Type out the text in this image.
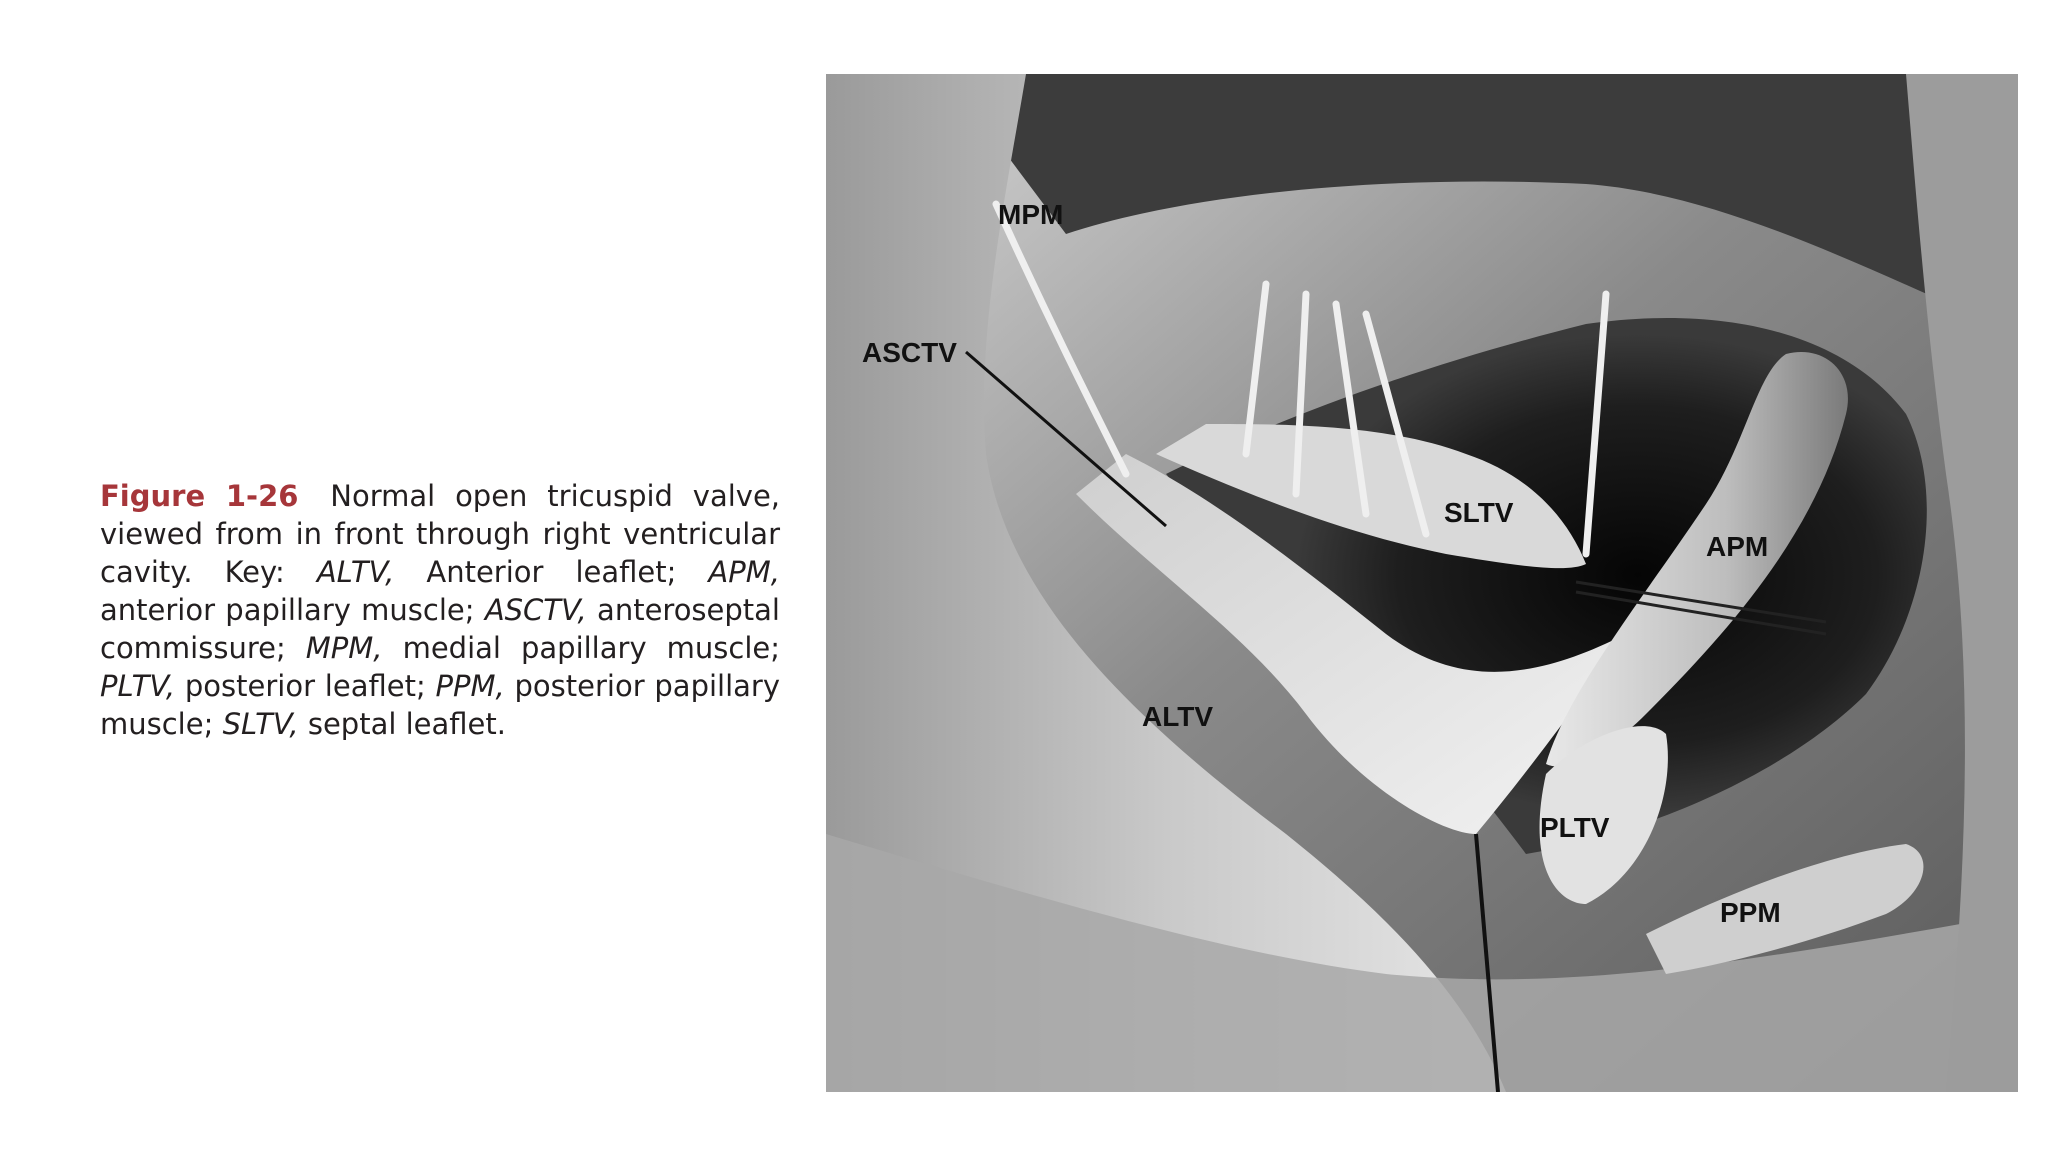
Figure 1-26 Normal open tricuspid valve, viewed from in front through right ventricular cavity. Key: ALTV, Anterior leaflet; APM, anterior papillary muscle; ASCTV, anteroseptal commissure; MPM, medial papillary muscle; PLTV, posterior leaflet; PPM, posterior papillary muscle; SLTV, septal leaflet.

MPM
ASCTV
SLTV
APM
ALTV
PLTV
PPM
